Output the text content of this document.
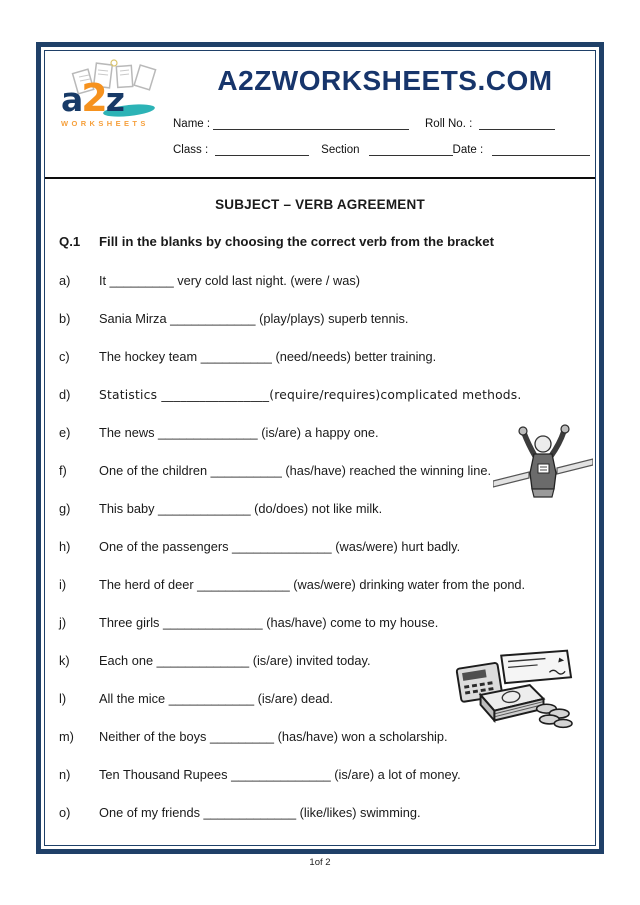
a2z
WORKSHEETS
A2ZWORKSHEETS.COM
Name :	Roll No. :
Class :	Section	Date :
SUBJECT – VERB AGREEMENT
Q.1	Fill in the blanks by choosing the correct verb from the bracket
a)	It _________ very cold last night. (were / was)
b)	Sania Mirza ____________ (play/plays) superb tennis.
c)	The hockey team __________ (need/needs) better training.
d)	Statistics _________________(require/requires)complicated methods.
e)	The news ______________ (is/are) a happy one.
f)	One of the children __________ (has/have) reached the winning line.
g)	This baby _____________ (do/does) not like milk.
h)	One of the passengers ______________ (was/were) hurt badly.
i)	The herd of deer _____________ (was/were) drinking water from the pond.
j)	Three girls ______________ (has/have) come to my house.
k)	Each one _____________ (is/are) invited today.
l)	All the mice ____________ (is/are) dead.
m)	Neither of the boys _________ (has/have) won a scholarship.
n)	Ten Thousand Rupees ______________ (is/are) a lot of money.
o)	One of my friends _____________ (like/likes) swimming.
1of 2
